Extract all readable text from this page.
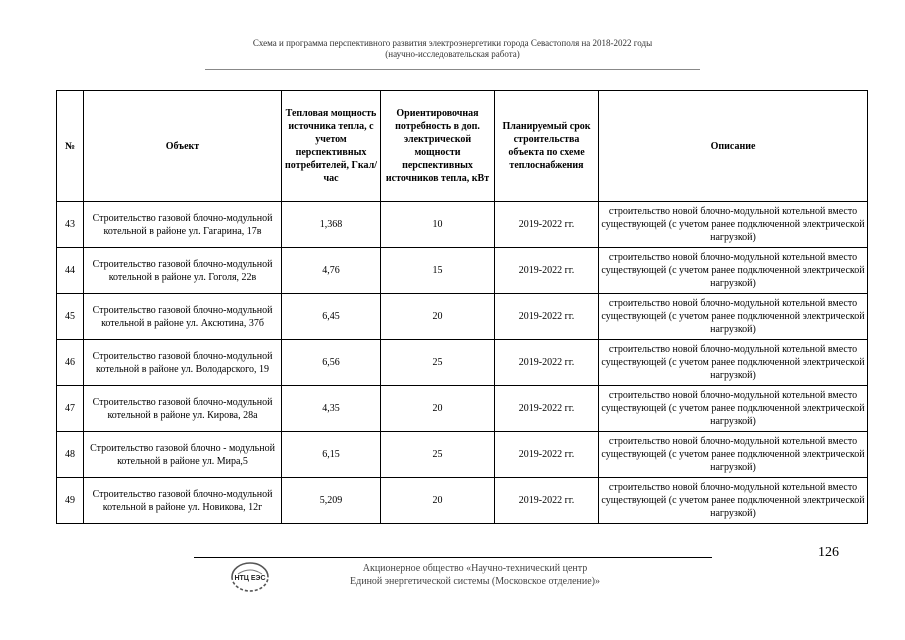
Схема и программа перспективного развития электроэнергетики города Севастополя на 2018-2022 годы
(научно-исследовательская работа)
№	Объект	Тепловая мощность источника тепла, с учетом перспективных потребителей, Гкал/час	Ориентировочная потребность в доп. электрической мощности перспективных источников тепла, кВт	Планируемый срок строительства объекта по схеме теплоснабжения	Описание
43	Строительство газовой блочно-модульной котельной в районе ул. Гагарина, 17в	1,368	10	2019-2022 гг.	строительство новой блочно-модульной котельной вместо существующей (с учетом ранее подключенной электрической нагрузкой)
44	Строительство газовой блочно-модульной котельной в районе ул. Гоголя, 22в	4,76	15	2019-2022 гг.	строительство новой блочно-модульной котельной вместо существующей (с учетом ранее подключенной электрической нагрузкой)
45	Строительство газовой блочно-модульной котельной в районе ул. Аксютина, 37б	6,45	20	2019-2022 гг.	строительство новой блочно-модульной котельной вместо существующей (с учетом ранее подключенной электрической нагрузкой)
46	Строительство газовой блочно-модульной котельной в районе ул. Володарского, 19	6,56	25	2019-2022 гг.	строительство новой блочно-модульной котельной вместо существующей (с учетом ранее подключенной электрической нагрузкой)
47	Строительство газовой блочно-модульной котельной в районе ул. Кирова, 28а	4,35	20	2019-2022 гг.	строительство новой блочно-модульной котельной вместо существующей (с учетом ранее подключенной электрической нагрузкой)
48	Строительство газовой блочно - модульной котельной в районе ул. Мира,5	6,15	25	2019-2022 гг.	строительство новой блочно-модульной котельной вместо существующей (с учетом ранее подключенной электрической нагрузкой)
49	Строительство газовой блочно-модульной котельной в районе ул. Новикова, 12г	5,209	20	2019-2022 гг.	строительство новой блочно-модульной котельной вместо существующей (с учетом ранее подключенной электрической нагрузкой)
126
НТЦ ЕЭС
Акционерное общество «Научно-технический центр
Единой энергетической системы (Московское отделение)»
